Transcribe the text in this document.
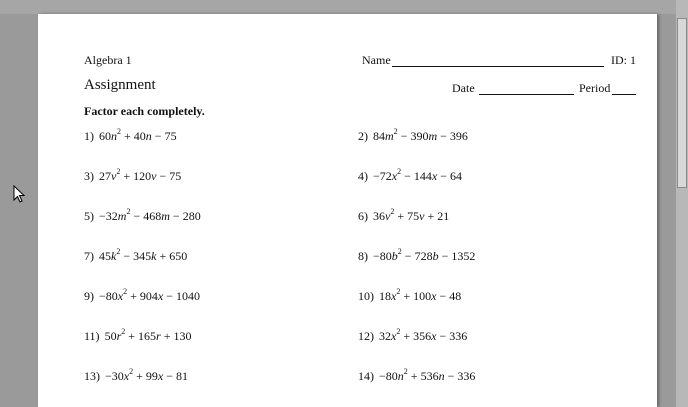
Algebra 1	Name	ID: 1
Assignment	Date	Period
Factor each completely.
1) $60n^2 + 40n - 75$	2) $84m^2 - 390m - 396$
3) $27v^2 + 120v - 75$	$4) -72x^2 - 144x - 64$
$5) -32m^2 - 468m - 280$	6) $36v^2 + 75v + 21$
7) $45k^2 - 345k + 650$	$8) -80b^2 - 728b - 1352$
$9) -80x^2 + 904x - 1040$	10) $18x^2 + 100x - 48$
11) $50r^2 + 165r + 130$	12) $32x^2 + 356x - 336$
$13) -30x^2 + 99x - 81$	$14) -80n^2 + 536n - 336$
